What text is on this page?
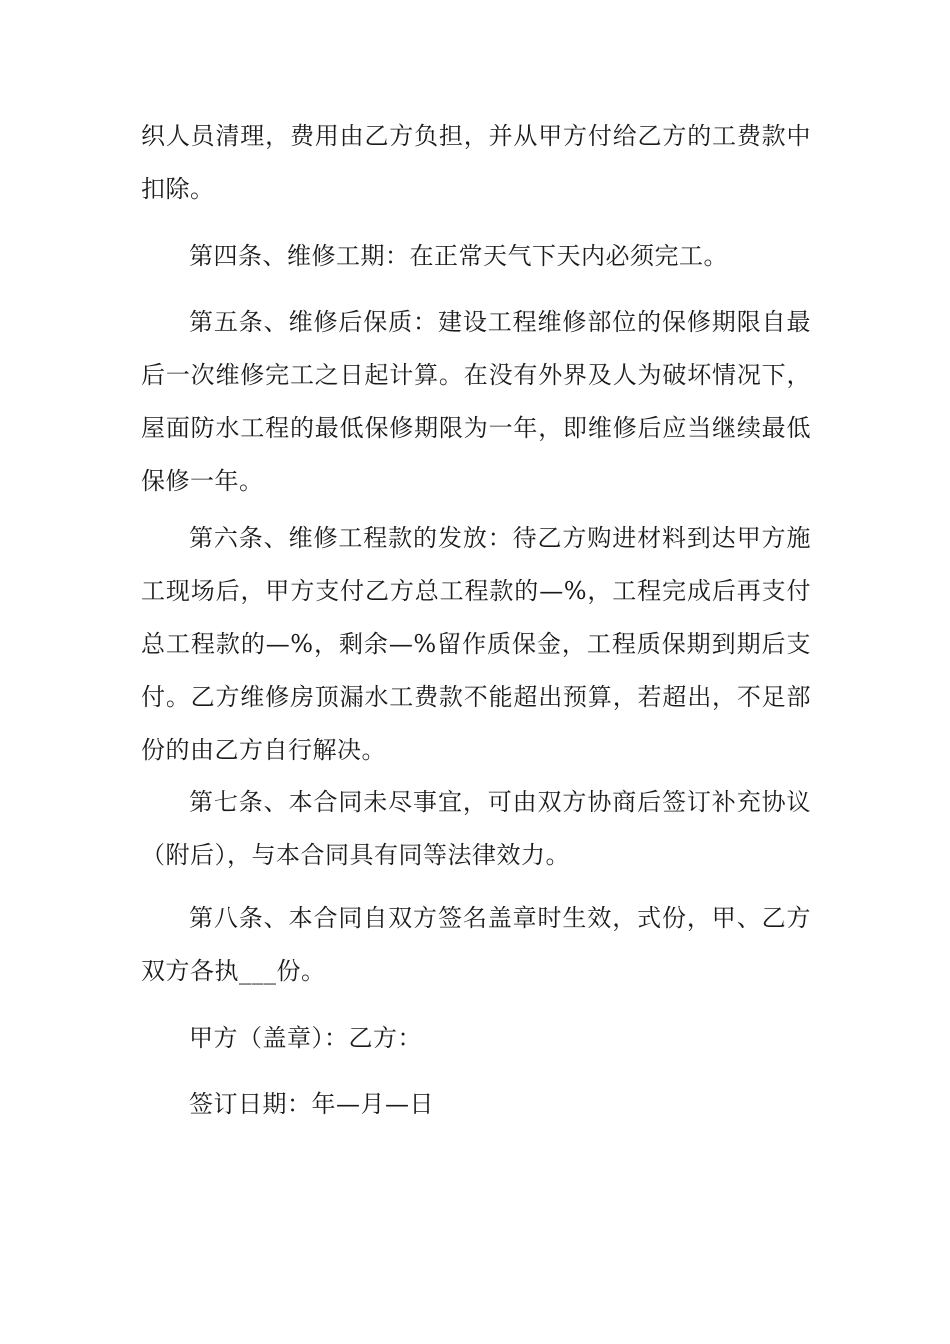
织人员清理，费用由乙方负担，并从甲方付给乙方的工费款中扣除。

第四条、维修工期：在正常天气下天内必须完工。

第五条、维修后保质：建设工程维修部位的保修期限自最后一次维修完工之日起计算。在没有外界及人为破坏情况下，屋面防水工程的最低保修期限为一年，即维修后应当继续最低保修一年。

第六条、维修工程款的发放：待乙方购进材料到达甲方施工现场后，甲方支付乙方总工程款的—%，工程完成后再支付总工程款的—%，剩余—%留作质保金，工程质保期到期后支付。乙方维修房顶漏水工费款不能超出预算，若超出，不足部份的由乙方自行解决。

第七条、本合同未尽事宜，可由双方协商后签订补充协议（附后），与本合同具有同等法律效力。

第八条、本合同自双方签名盖章时生效，式份，甲、乙方双方各执___份。

甲方（盖章）：乙方：

签订日期：年—月—日
